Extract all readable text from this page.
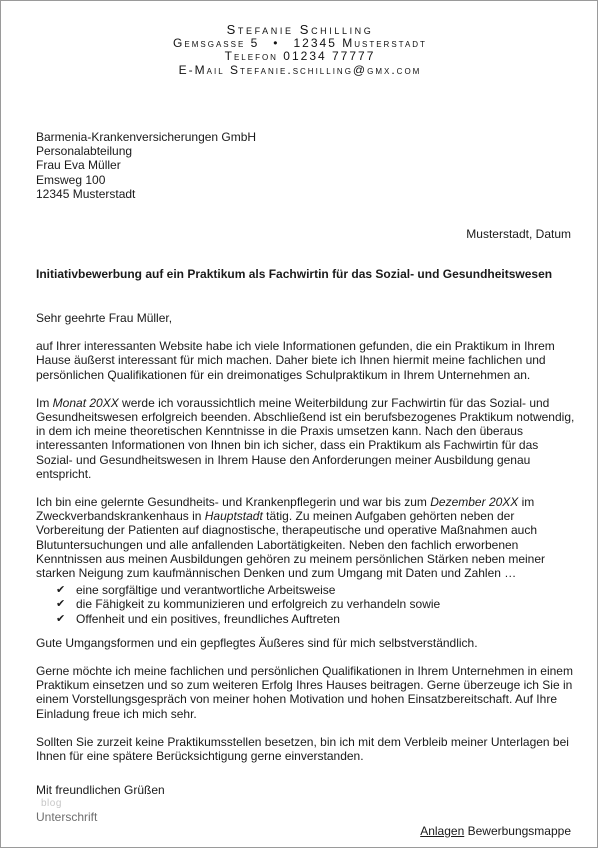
Stefanie Schilling
Gemsgasse 5 • 12345 Musterstadt
Telefon 01234 77777
E-Mail Stefanie.schilling@gmx.com
Barmenia-Krankenversicherungen GmbH
Personalabteilung
Frau Eva Müller
Emsweg 100
12345 Musterstadt
Musterstadt, Datum
Initiativbewerbung auf ein Praktikum als Fachwirtin für das Sozial- und Gesundheitswesen

Sehr geehrte Frau Müller,

auf Ihrer interessanten Website habe ich viele Informationen gefunden, die ein Praktikum in Ihrem Hause äußerst interessant für mich machen. Daher biete ich Ihnen hiermit meine fachlichen und persönlichen Qualifikationen für ein dreimonatiges Schulpraktikum in Ihrem Unternehmen an.

Im Monat 20XX werde ich voraussichtlich meine Weiterbildung zur Fachwirtin für das Sozial- und Gesundheitswesen erfolgreich beenden. Abschließend ist ein berufsbezogenes Praktikum notwendig, in dem ich meine theoretischen Kenntnisse in die Praxis umsetzen kann. Nach den überaus interessanten Informationen von Ihnen bin ich sicher, dass ein Praktikum als Fachwirtin für das Sozial- und Gesundheitswesen in Ihrem Hause den Anforderungen meiner Ausbildung genau entspricht.

Ich bin eine gelernte Gesundheits- und Krankenpflegerin und war bis zum Dezember 20XX im Zweckverbandskrankenhaus in Hauptstadt tätig. Zu meinen Aufgaben gehörten neben der Vorbereitung der Patienten auf diagnostische, therapeutische und operative Maßnahmen auch Blutuntersuchungen und alle anfallenden Labortätigkeiten. Neben den fachlich erworbenen Kenntnissen aus meinen Ausbildungen gehören zu meinem persönlichen Stärken neben meiner starken Neigung zum kaufmännischen Denken und zum Umgang mit Daten und Zahlen …

✔ eine sorgfältige und verantwortliche Arbeitsweise
✔ die Fähigkeit zu kommunizieren und erfolgreich zu verhandeln sowie
✔ Offenheit und ein positives, freundliches Auftreten

Gute Umgangsformen und ein gepflegtes Äußeres sind für mich selbstverständlich.

Gerne möchte ich meine fachlichen und persönlichen Qualifikationen in Ihrem Unternehmen in einem Praktikum einsetzen und so zum weiteren Erfolg Ihres Hauses beitragen. Gerne überzeuge ich Sie in einem Vorstellungsgespräch von meiner hohen Motivation und hohen Einsatzbereitschaft. Auf Ihre Einladung freue ich mich sehr.

Sollten Sie zurzeit keine Praktikumsstellen besetzen, bin ich mit dem Verbleib meiner Unterlagen bei Ihnen für eine spätere Berücksichtigung gerne einverstanden.

Mit freundlichen Grüßen
blog
Unterschrift
Anlagen Bewerbungsmappe
